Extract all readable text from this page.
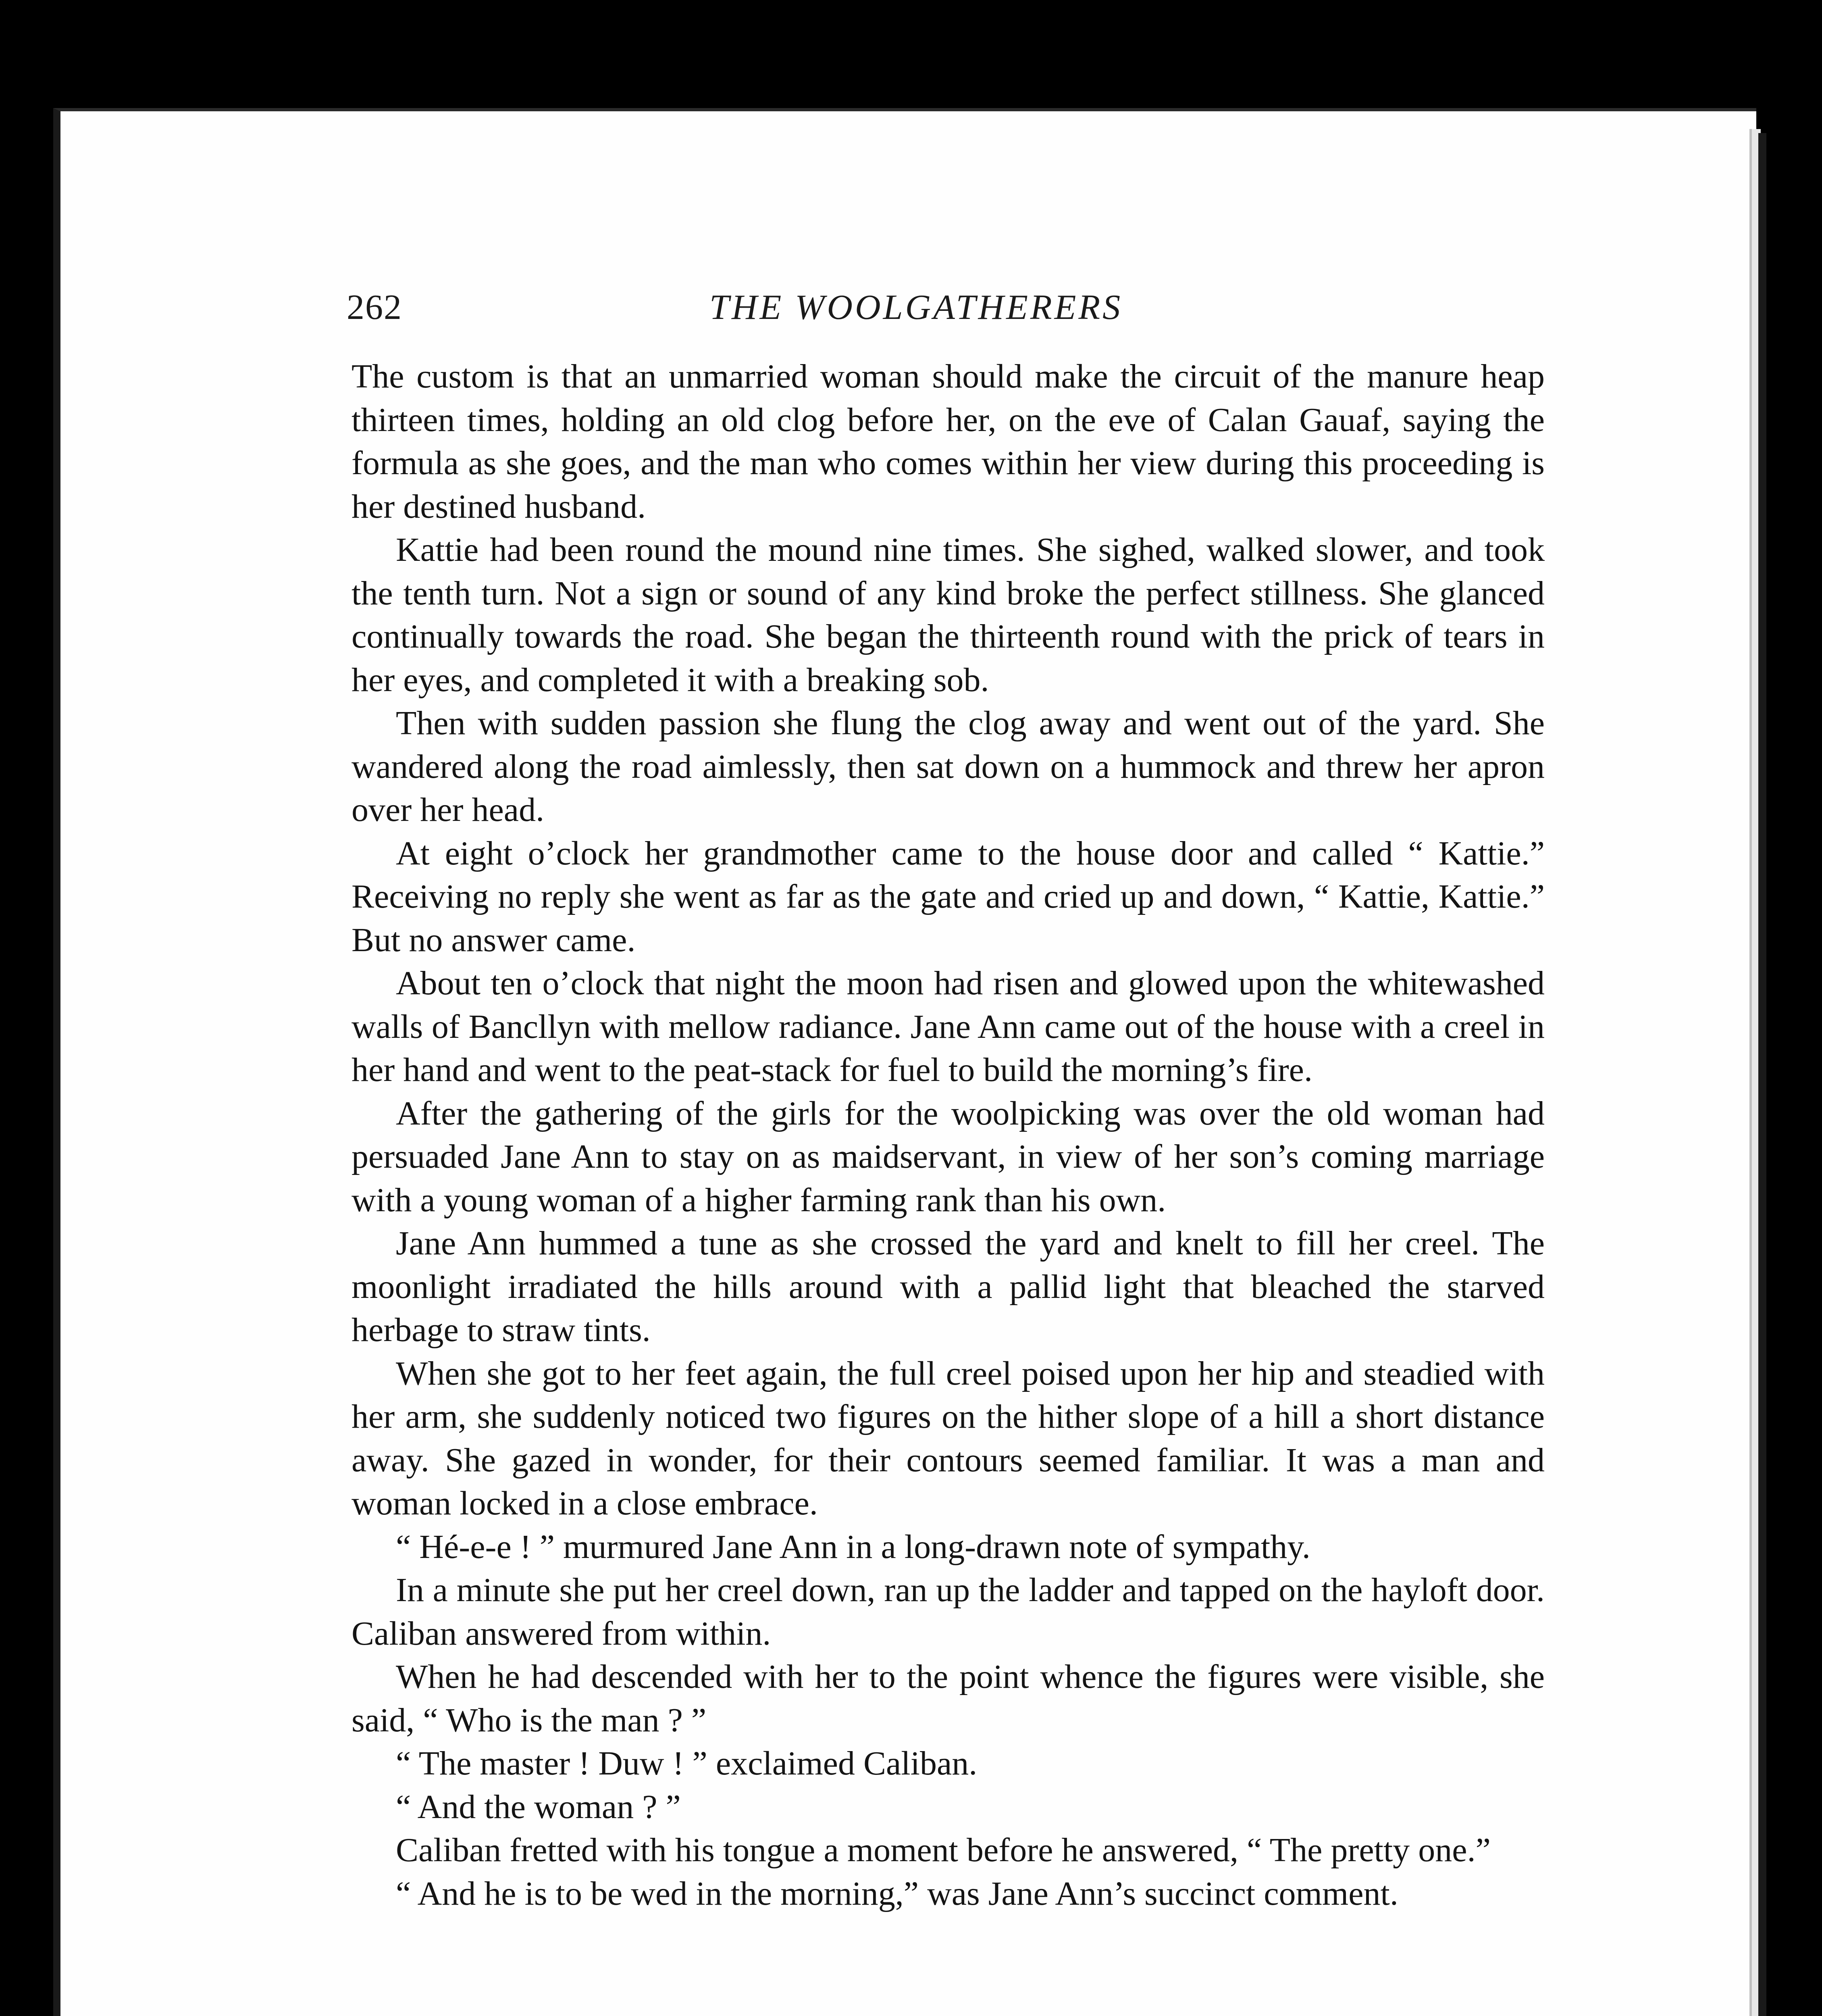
262	THE WOOLGATHERERS

The custom is that an unmarried woman should make the circuit of the manure heap thirteen times, holding an old clog before her, on the eve of Calan Gauaf, saying the formula as she goes, and the man who comes within her view during this proceeding is her destined husband.

Kattie had been round the mound nine times. She sighed, walked slower, and took the tenth turn. Not a sign or sound of any kind broke the perfect stillness. She glanced continually towards the road. She began the thirteenth round with the prick of tears in her eyes, and completed it with a breaking sob.

Then with sudden passion she flung the clog away and went out of the yard. She wandered along the road aimlessly, then sat down on a hummock and threw her apron over her head.

At eight o’clock her grandmother came to the house door and called “ Kattie.” Receiving no reply she went as far as the gate and cried up and down, “ Kattie, Kattie.” But no answer came.

About ten o’clock that night the moon had risen and glowed upon the whitewashed walls of Bancllyn with mellow radiance. Jane Ann came out of the house with a creel in her hand and went to the peat-stack for fuel to build the morning’s fire.

After the gathering of the girls for the woolpicking was over the old woman had persuaded Jane Ann to stay on as maidservant, in view of her son’s coming marriage with a young woman of a higher farming rank than his own.

Jane Ann hummed a tune as she crossed the yard and knelt to fill her creel. The moonlight irradiated the hills around with a pallid light that bleached the starved herbage to straw tints.

When she got to her feet again, the full creel poised upon her hip and steadied with her arm, she suddenly noticed two figures on the hither slope of a hill a short distance away. She gazed in wonder, for their contours seemed familiar. It was a man and woman locked in a close embrace.

“ Hé-e-e ! ” murmured Jane Ann in a long-drawn note of sympathy.

In a minute she put her creel down, ran up the ladder and tapped on the hayloft door. Caliban answered from within.

When he had descended with her to the point whence the figures were visible, she said, “ Who is the man ? ”

“ The master ! Duw ! ” exclaimed Caliban.

“ And the woman ? ”

Caliban fretted with his tongue a moment before he answered, “ The pretty one.”

“ And he is to be wed in the morning,” was Jane Ann’s succinct comment.
